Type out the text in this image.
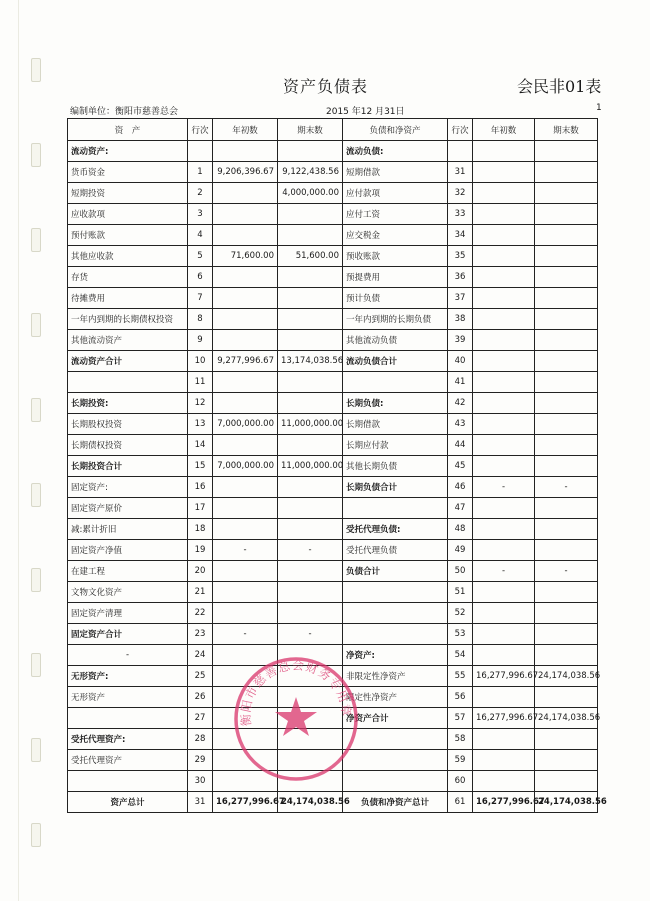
资产负债表	会民非01表
编制单位：衡阳市慈善总会	2015 年12 月31日	1
资　产	行次	年初数	期末数	负债和净资产	行次	年初数	期末数
流动资产:				流动负债:			
货币资金	1	9,206,396.67	9,122,438.56	短期借款	31		
短期投资	2		4,000,000.00	应付款项	32		
应收款项	3			应付工资	33		
预付账款	4			应交税金	34		
其他应收款	5	71,600.00	51,600.00	预收账款	35		
存货	6			预提费用	36		
待摊费用	7			预计负债	37		
一年内到期的长期债权投资	8			一年内到期的长期负债	38		
其他流动资产	9			其他流动负债	39		
流动资产合计	10	9,277,996.67	13,174,038.56	流动负债合计	40		
	11				41		
长期投资:	12			长期负债:	42		
长期股权投资	13	7,000,000.00	11,000,000.00	长期借款	43		
长期债权投资	14			长期应付款	44		
长期投资合计	15	7,000,000.00	11,000,000.00	其他长期负债	45		
固定资产:	16			长期负债合计	46	-	-
固定资产原价	17				47		
减:累计折旧	18			受托代理负债:	48		
固定资产净值	19	-	-	受托代理负债	49		
在建工程	20			负债合计	50	-	-
文物文化资产	21				51		
固定资产清理	22				52		
固定资产合计	23	-	-		53		
-	24			净资产:	54		
无形资产:	25			非限定性净资产	55	16,277,996.67	24,174,038.56
无形资产	26			限定性净资产	56		
	27			净资产合计	57	16,277,996.67	24,174,038.56
受托代理资产:	28				58		
受托代理资产	29				59		
	30				60		
资产总计	31	16,277,996.67	24,174,038.56	负债和净资产总计	61	16,277,996.67	24,174,038.56
衡阳市慈善总会财务专用章
